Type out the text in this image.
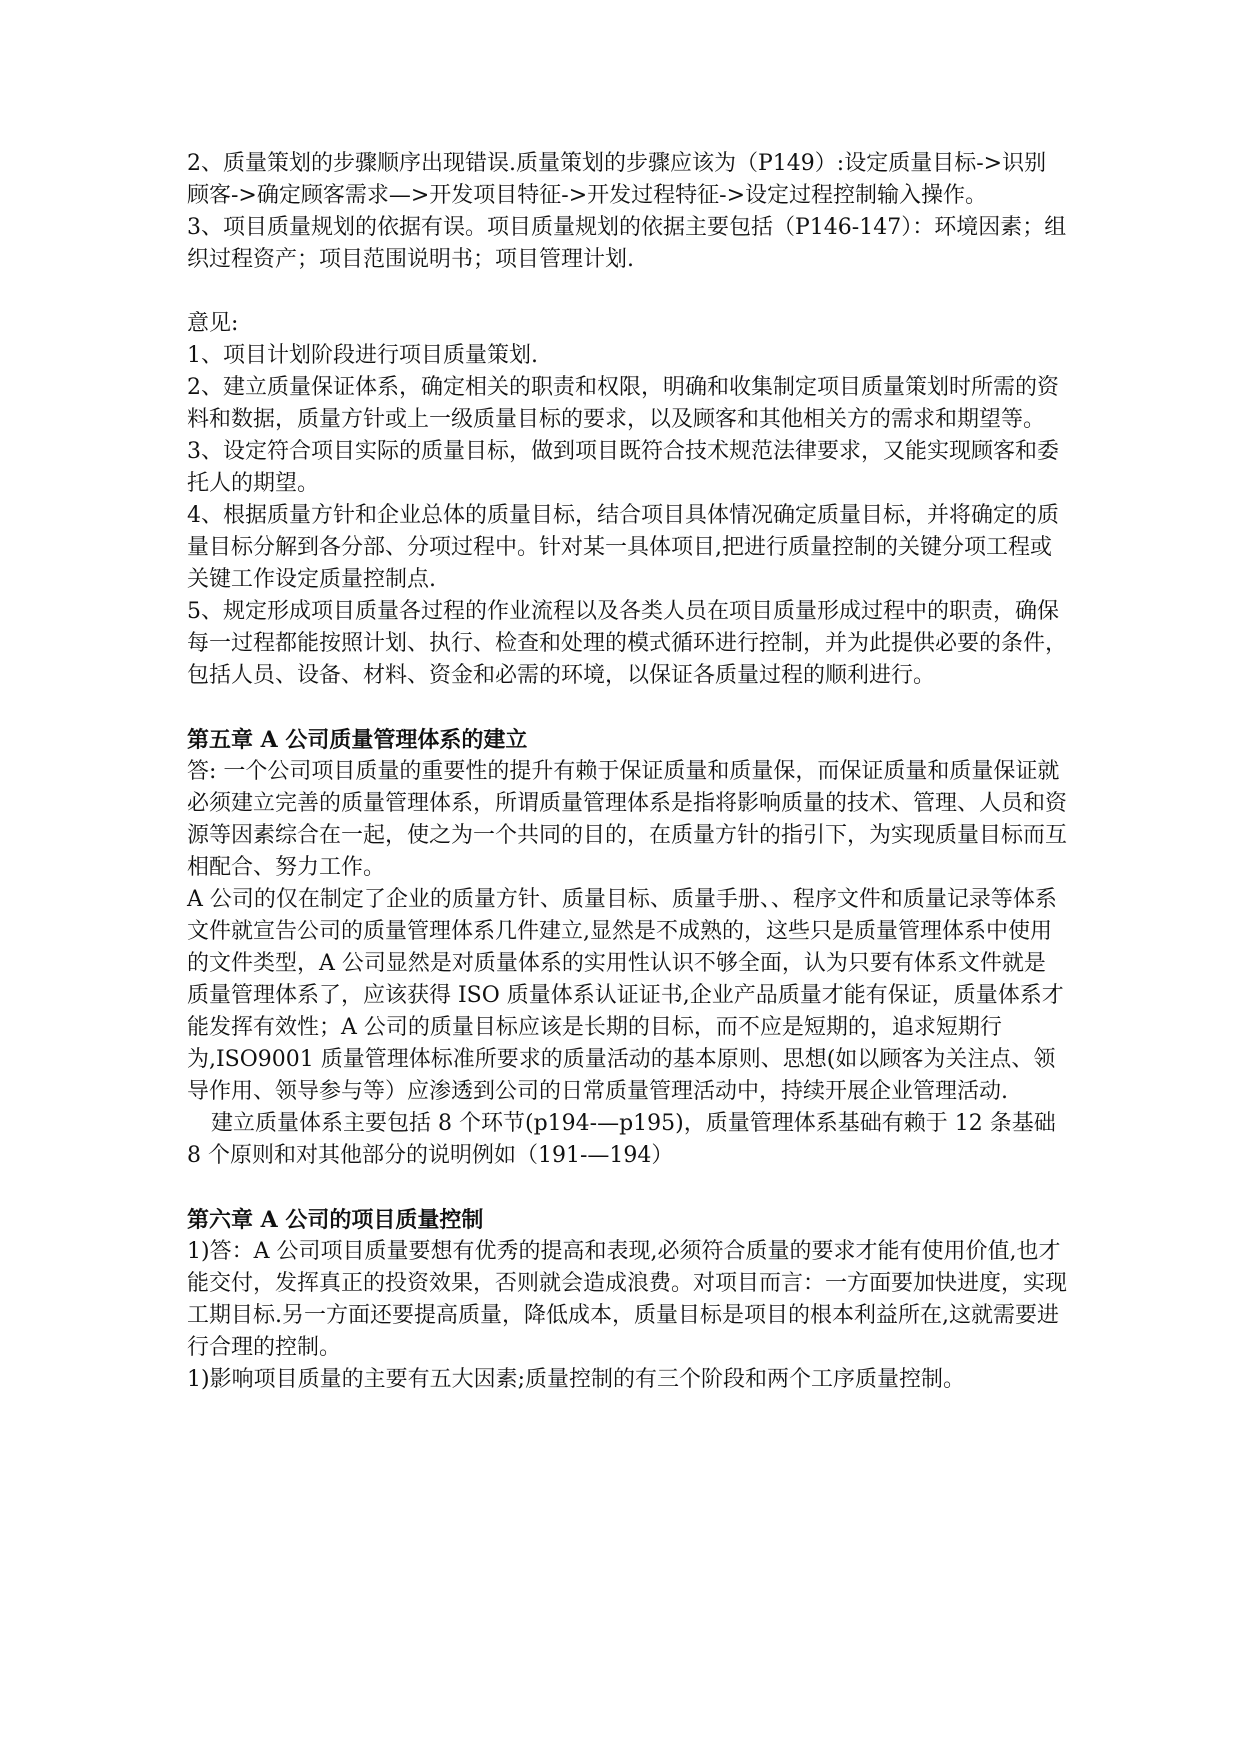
2、质量策划的步骤顺序出现错误.质量策划的步骤应该为（P149）:设定质量目标->识别顾客->确定顾客需求—>开发项目特征->开发过程特征->设定过程控制输入操作。

3、项目质量规划的依据有误。项目质量规划的依据主要包括（P146-147）：环境因素；组织过程资产；项目范围说明书；项目管理计划.

意见:

1、项目计划阶段进行项目质量策划.

2、建立质量保证体系，确定相关的职责和权限，明确和收集制定项目质量策划时所需的资料和数据，质量方针或上一级质量目标的要求，以及顾客和其他相关方的需求和期望等。

3、设定符合项目实际的质量目标，做到项目既符合技术规范法律要求，又能实现顾客和委托人的期望。

4、根据质量方针和企业总体的质量目标，结合项目具体情况确定质量目标，并将确定的质量目标分解到各分部、分项过程中。针对某一具体项目,把进行质量控制的关键分项工程或关键工作设定质量控制点.

5、规定形成项目质量各过程的作业流程以及各类人员在项目质量形成过程中的职责，确保每一过程都能按照计划、执行、检查和处理的模式循环进行控制，并为此提供必要的条件，包括人员、设备、材料、资金和必需的环境，以保证各质量过程的顺利进行。

第五章 A 公司质量管理体系的建立

答: 一个公司项目质量的重要性的提升有赖于保证质量和质量保，而保证质量和质量保证就必须建立完善的质量管理体系，所谓质量管理体系是指将影响质量的技术、管理、人员和资源等因素综合在一起，使之为一个共同的目的，在质量方针的指引下，为实现质量目标而互相配合、努力工作。

A 公司的仅在制定了企业的质量方针、质量目标、质量手册、、程序文件和质量记录等体系文件就宣告公司的质量管理体系几件建立,显然是不成熟的，这些只是质量管理体系中使用的文件类型，A 公司显然是对质量体系的实用性认识不够全面，认为只要有体系文件就是质量管理体系了，应该获得 ISO 质量体系认证证书,企业产品质量才能有保证，质量体系才能发挥有效性；A 公司的质量目标应该是长期的目标，而不应是短期的，追求短期行为,ISO9001 质量管理体标准所要求的质量活动的基本原则、思想(如以顾客为关注点、领导作用、领导参与等）应渗透到公司的日常质量管理活动中，持续开展企业管理活动.

建立质量体系主要包括 8 个环节(p194-—p195)，质量管理体系基础有赖于 12 条基础 8 个原则和对其他部分的说明例如（191-—194）

第六章 A 公司的项目质量控制

1)答：A 公司项目质量要想有优秀的提高和表现,必须符合质量的要求才能有使用价值,也才能交付，发挥真正的投资效果，否则就会造成浪费。对项目而言：一方面要加快进度，实现工期目标.另一方面还要提高质量，降低成本，质量目标是项目的根本利益所在,这就需要进行合理的控制。

1)影响项目质量的主要有五大因素;质量控制的有三个阶段和两个工序质量控制。
